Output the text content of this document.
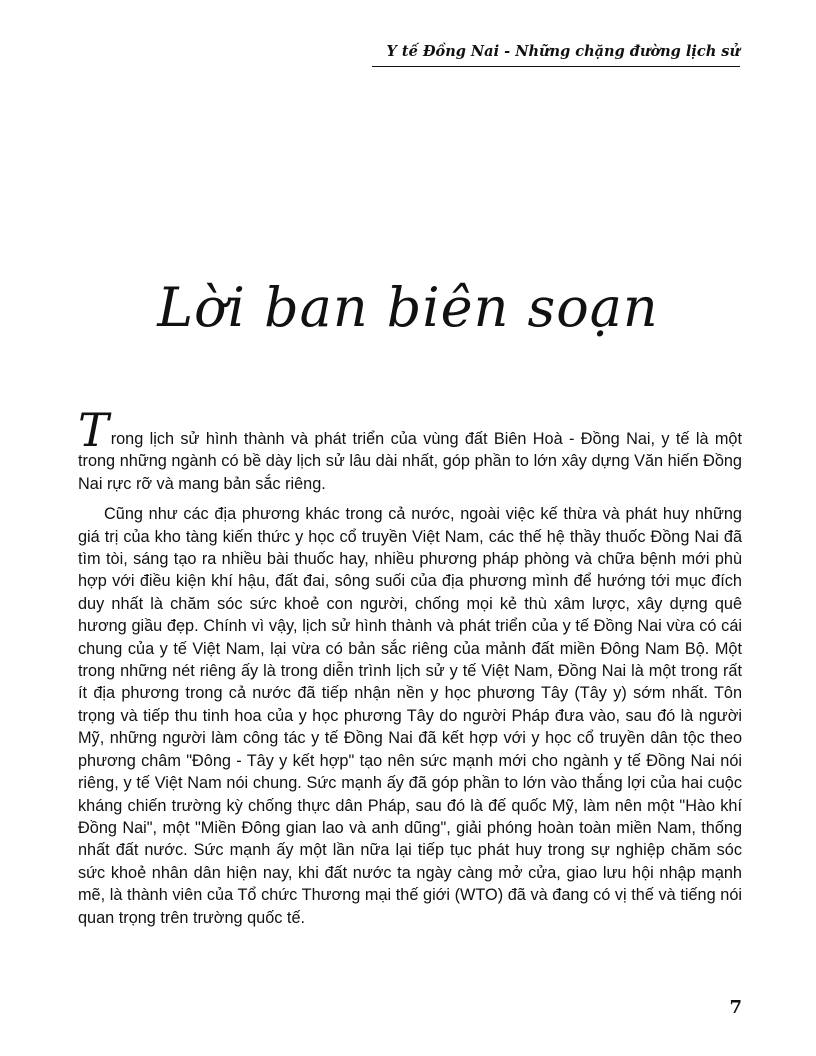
Y tế Đồng Nai - Những chặng đường lịch sử
Lời ban biên soạn

Trong lịch sử hình thành và phát triển của vùng đất Biên Hoà - Đồng Nai, y tế là một trong những ngành có bề dày lịch sử lâu dài nhất, góp phần to lớn xây dựng Văn hiến Đồng Nai rực rỡ và mang bản sắc riêng.

Cũng như các địa phương khác trong cả nước, ngoài việc kế thừa và phát huy những giá trị của kho tàng kiến thức y học cổ truyền Việt Nam, các thế hệ thầy thuốc Đồng Nai đã tìm tòi, sáng tạo ra nhiều bài thuốc hay, nhiều phương pháp phòng và chữa bệnh mới phù hợp với điều kiện khí hậu, đất đai, sông suối của địa phương mình để hướng tới mục đích duy nhất là chăm sóc sức khoẻ con người, chống mọi kẻ thù xâm lược, xây dựng quê hương giầu đẹp. Chính vì vậy, lịch sử hình thành và phát triển của y tế Đồng Nai vừa có cái chung của y tế Việt Nam, lại vừa có bản sắc riêng của mảnh đất miền Đông Nam Bộ. Một trong những nét riêng ấy là trong diễn trình lịch sử y tế Việt Nam, Đồng Nai là một trong rất ít địa phương trong cả nước đã tiếp nhận nền y học phương Tây (Tây y) sớm nhất. Tôn trọng và tiếp thu tinh hoa của y học phương Tây do người Pháp đưa vào, sau đó là người Mỹ, những người làm công tác y tế Đồng Nai đã kết hợp với y học cổ truyền dân tộc theo phương châm "Đông - Tây y kết hợp" tạo nên sức mạnh mới cho ngành y tế Đồng Nai nói riêng, y tế Việt Nam nói chung. Sức mạnh ấy đã góp phần to lớn vào thắng lợi của hai cuộc kháng chiến trường kỳ chống thực dân Pháp, sau đó là đế quốc Mỹ, làm nên một "Hào khí Đồng Nai", một "Miền Đông gian lao và anh dũng", giải phóng hoàn toàn miền Nam, thống nhất đất nước. Sức mạnh ấy một lần nữa lại tiếp tục phát huy trong sự nghiệp chăm sóc sức khoẻ nhân dân hiện nay, khi đất nước ta ngày càng mở cửa, giao lưu hội nhập mạnh mẽ, là thành viên của Tổ chức Thương mại thế giới (WTO) đã và đang có vị thế và tiếng nói quan trọng trên trường quốc tế.

7
